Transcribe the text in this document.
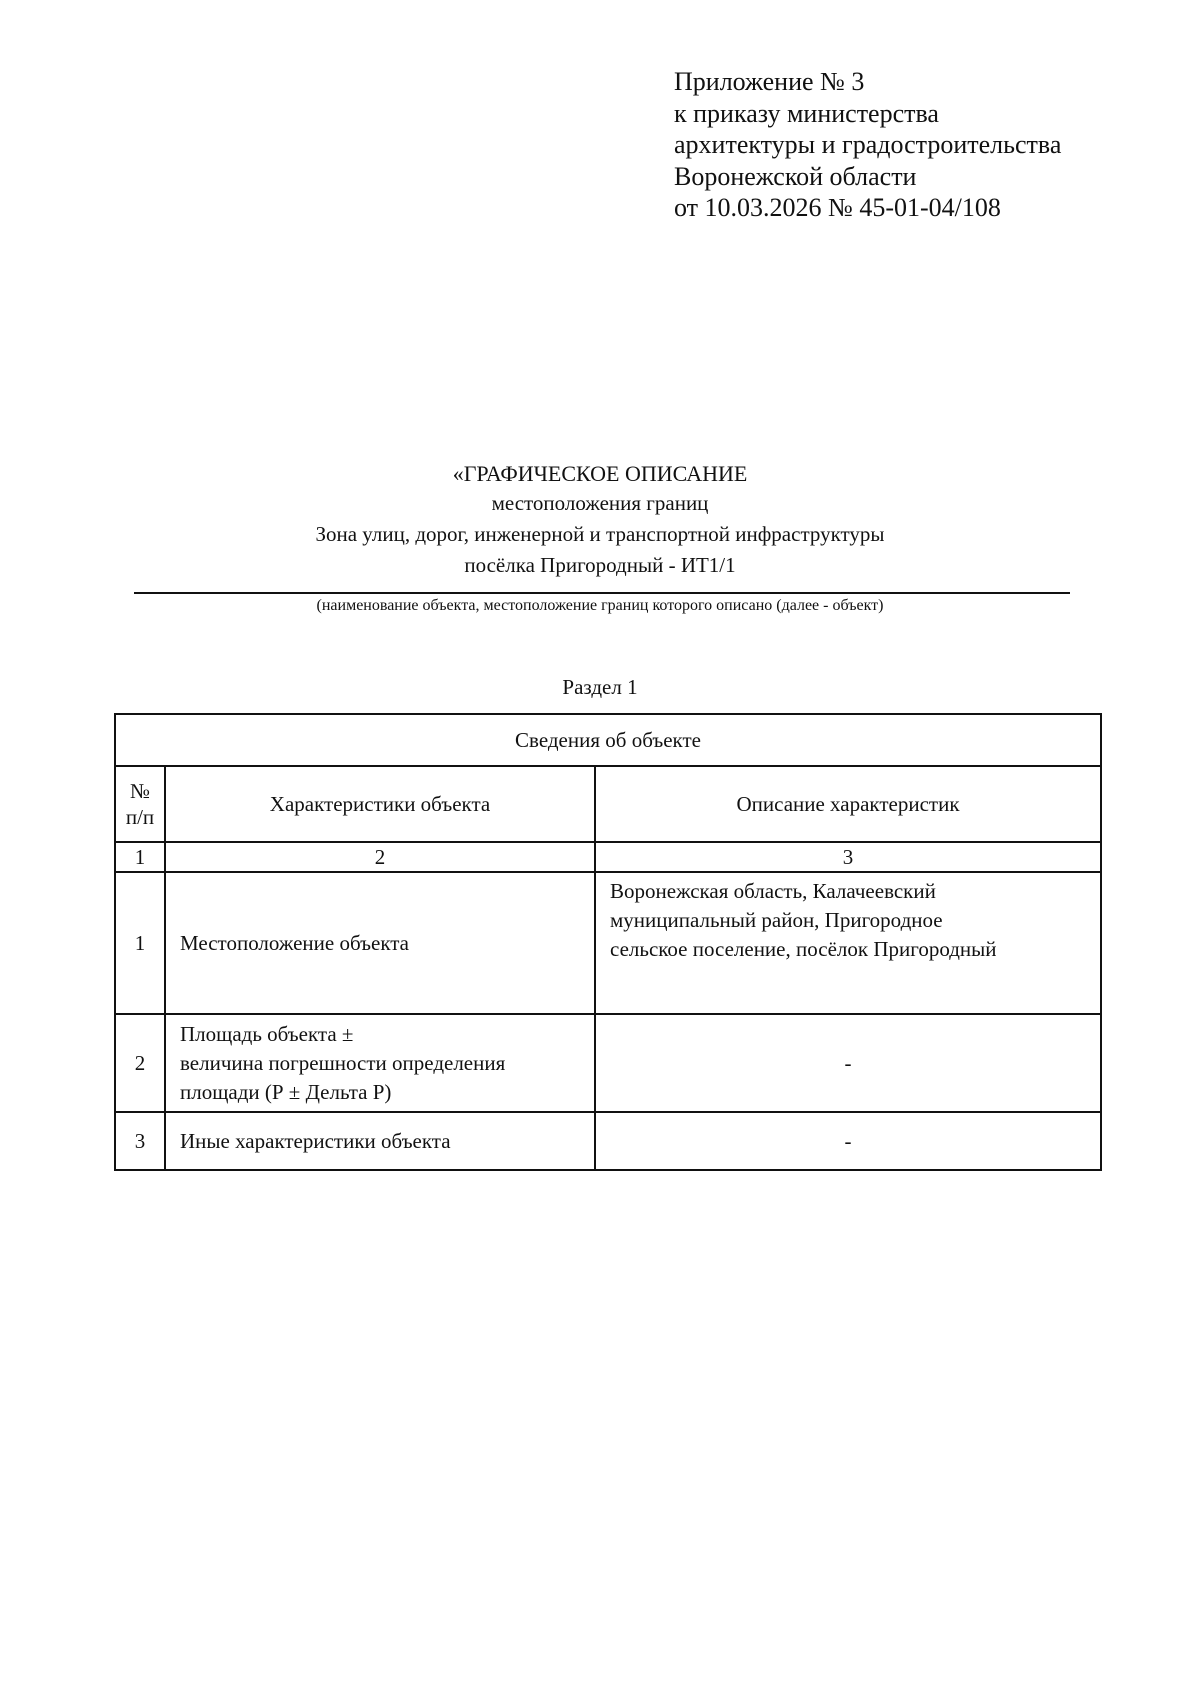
Приложение № 3
к приказу министерства
архитектуры и градостроительства
Воронежской области
от 10.03.2026 № 45-01-04/108
«ГРАФИЧЕСКОЕ ОПИСАНИЕ
местоположения границ
Зона улиц, дорог, инженерной и транспортной инфраструктуры
посёлка Пригородный - ИТ1/1
(наименование объекта, местоположение границ которого описано (далее - объект)
Раздел 1
Сведения об объекте		

№
п/п	Характеристики объекта	Описание характеристик
1	2	3
1	Местоположение объекта	Воронежская область, Калачеевский
муниципальный район, Пригородное
сельское поселение, посёлок Пригородный

2	Площадь объекта ±
величина погрешности определения
площади (Р ± Дельта Р)	-
3	Иные характеристики объекта	-
